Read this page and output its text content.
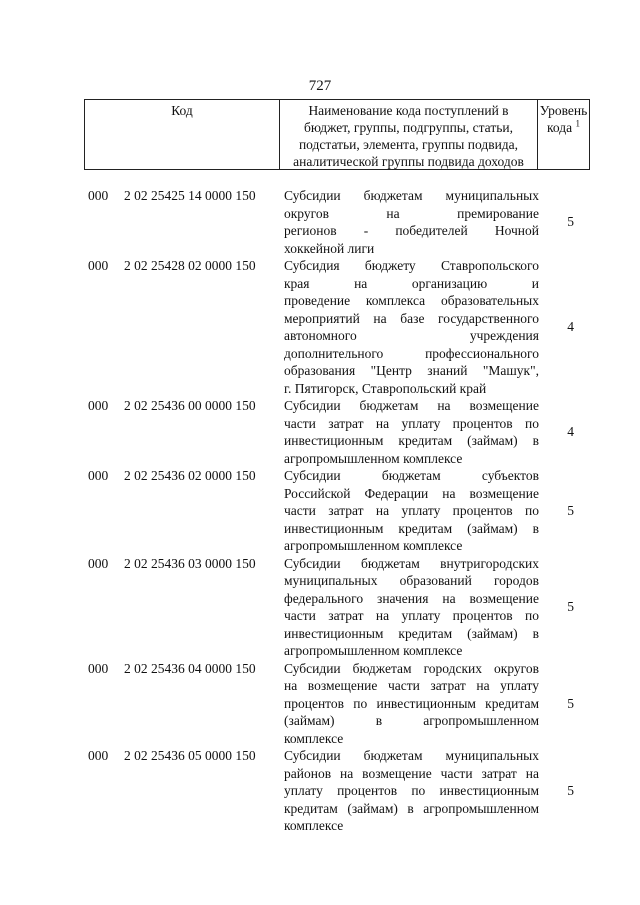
727
Код	Наименование кода поступлений в
бюджет, группы, подгруппы, статьи,
подстатьи, элемента, группы подвида,
аналитической группы подвида доходов
Уровень
кода $^1$
000	2 02 25425 14 0000 150	Субсидии бюджетам муниципальных
округов на премирование
регионов - победителей Ночной
хоккейной лиги
5
000	2 02 25428 02 0000 150	Субсидия бюджету Ставропольского
края на организацию и
проведение комплекса образовательных
мероприятий на базе государственного
автономного учреждения
дополнительного профессионального
образования "Центр знаний "Машук",
г. Пятигорск, Ставропольский край
4
000	2 02 25436 00 0000 150	Субсидии бюджетам на возмещение
части затрат на уплату процентов по
инвестиционным кредитам (займам) в
агропромышленном комплексе
4
000	2 02 25436 02 0000 150	Субсидии бюджетам субъектов
Российской Федерации на возмещение
части затрат на уплату процентов по
инвестиционным кредитам (займам) в
агропромышленном комплексе
5
000	2 02 25436 03 0000 150	Субсидии бюджетам внутригородских
муниципальных образований городов
федерального значения на возмещение
части затрат на уплату процентов по
инвестиционным кредитам (займам) в
агропромышленном комплексе
5
000	2 02 25436 04 0000 150	Субсидии бюджетам городских округов
на возмещение части затрат на уплату
процентов по инвестиционным кредитам
(займам) в агропромышленном
комплексе
5
000	2 02 25436 05 0000 150	Субсидии бюджетам муниципальных
районов на возмещение части затрат на
уплату процентов по инвестиционным
кредитам (займам) в агропромышленном
комплексе
5
